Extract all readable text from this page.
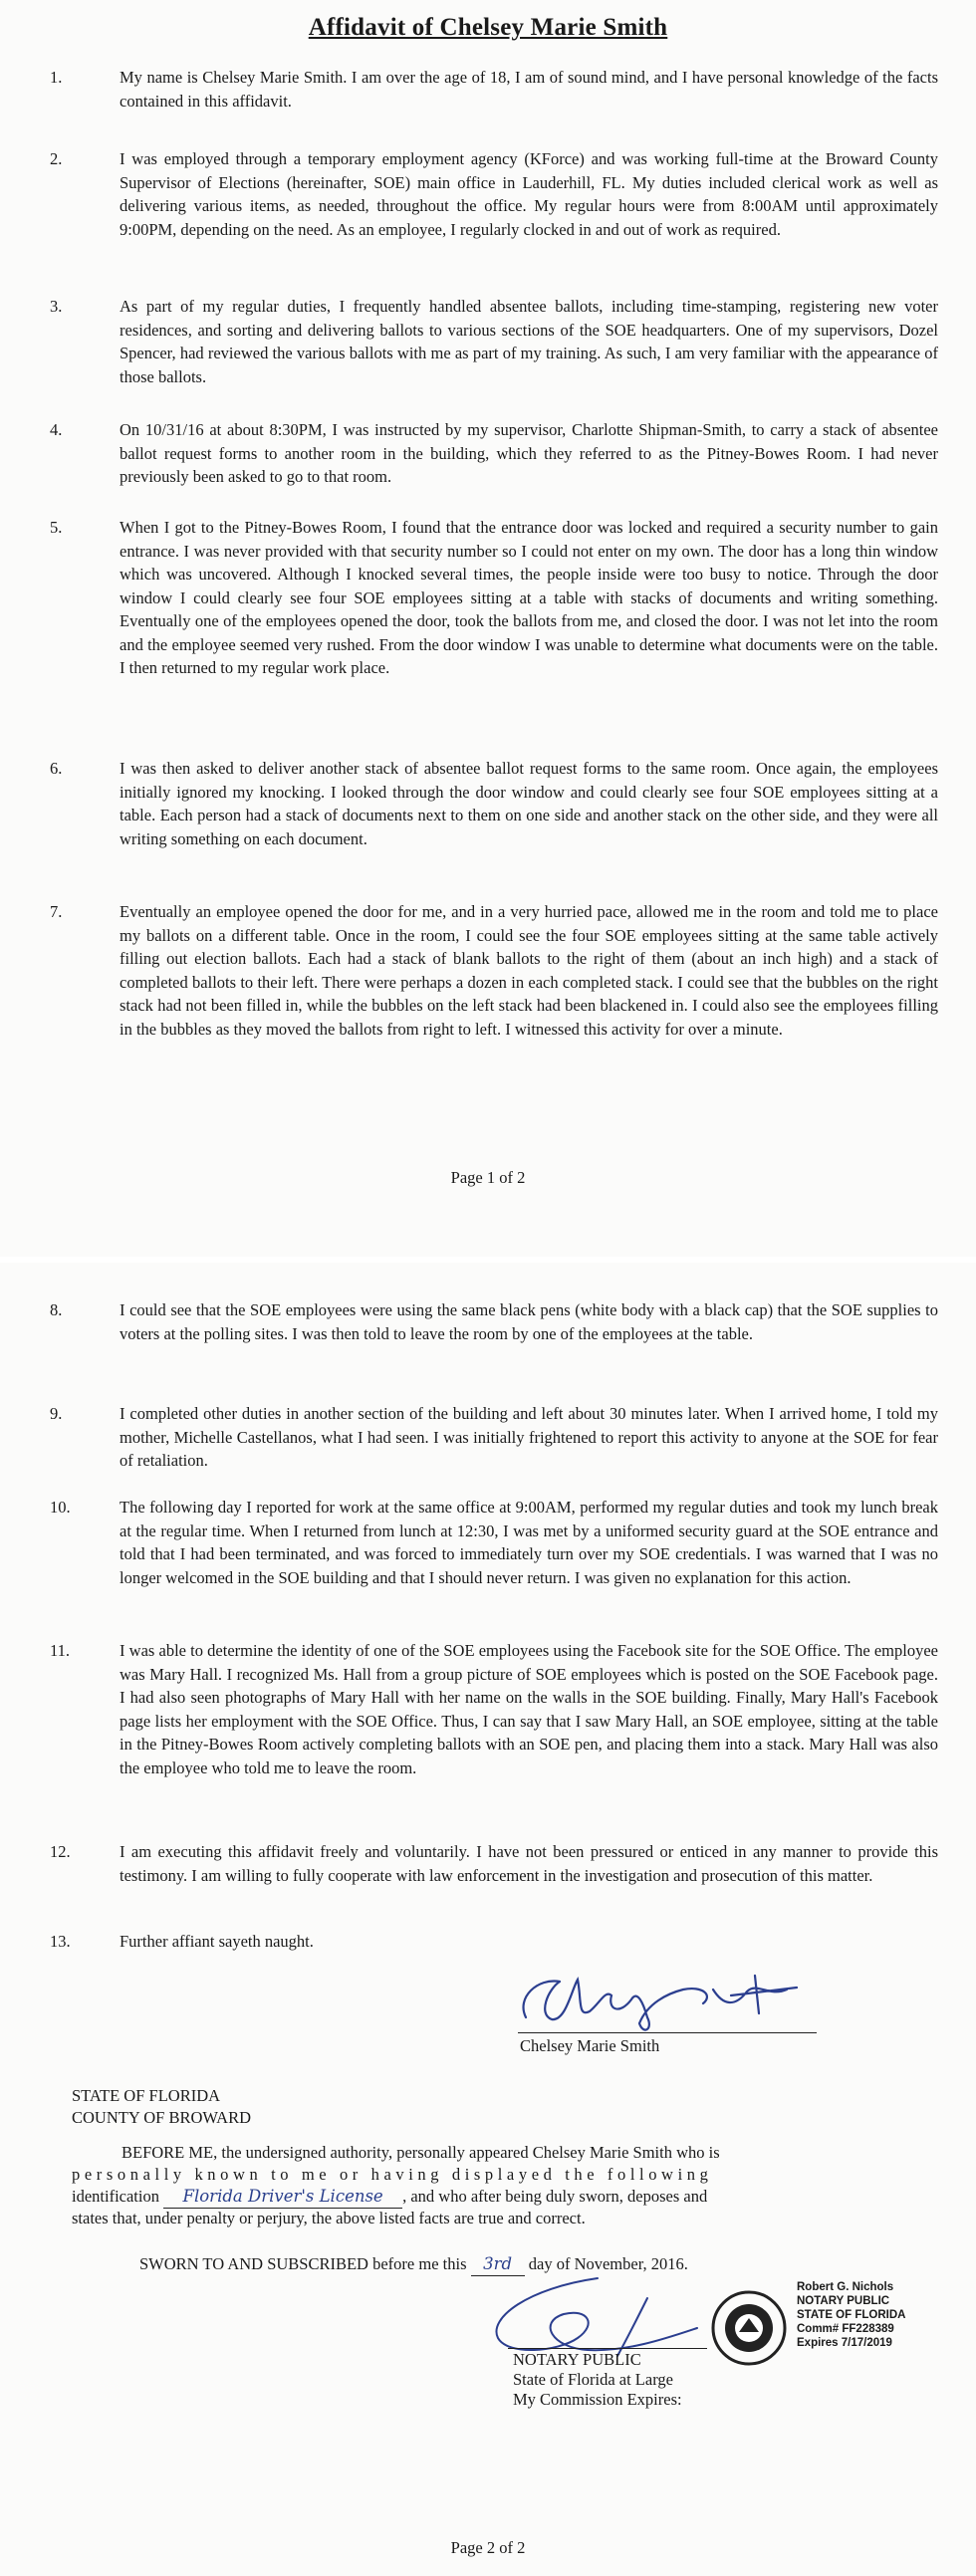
Affidavit of Chelsey Marie Smith
1.	My name is Chelsey Marie Smith. I am over the age of 18, I am of sound mind, and I have personal knowledge of the facts contained in this affidavit.
2.	I was employed through a temporary employment agency (KForce) and was working full-time at the Broward County Supervisor of Elections (hereinafter, SOE) main office in Lauderhill, FL. My duties included clerical work as well as delivering various items, as needed, throughout the office. My regular hours were from 8:00AM until approximately 9:00PM, depending on the need. As an employee, I regularly clocked in and out of work as required.
3.	As part of my regular duties, I frequently handled absentee ballots, including time-stamping, registering new voter residences, and sorting and delivering ballots to various sections of the SOE headquarters. One of my supervisors, Dozel Spencer, had reviewed the various ballots with me as part of my training. As such, I am very familiar with the appearance of those ballots.
4.	On 10/31/16 at about 8:30PM, I was instructed by my supervisor, Charlotte Shipman-Smith, to carry a stack of absentee ballot request forms to another room in the building, which they referred to as the Pitney-Bowes Room. I had never previously been asked to go to that room.
5.	When I got to the Pitney-Bowes Room, I found that the entrance door was locked and required a security number to gain entrance. I was never provided with that security number so I could not enter on my own. The door has a long thin window which was uncovered. Although I knocked several times, the people inside were too busy to notice. Through the door window I could clearly see four SOE employees sitting at a table with stacks of documents and writing something. Eventually one of the employees opened the door, took the ballots from me, and closed the door. I was not let into the room and the employee seemed very rushed. From the door window I was unable to determine what documents were on the table. I then returned to my regular work place.
6.	I was then asked to deliver another stack of absentee ballot request forms to the same room. Once again, the employees initially ignored my knocking. I looked through the door window and could clearly see four SOE employees sitting at a table. Each person had a stack of documents next to them on one side and another stack on the other side, and they were all writing something on each document.
7.	Eventually an employee opened the door for me, and in a very hurried pace, allowed me in the room and told me to place my ballots on a different table. Once in the room, I could see the four SOE employees sitting at the same table actively filling out election ballots. Each had a stack of blank ballots to the right of them (about an inch high) and a stack of completed ballots to their left. There were perhaps a dozen in each completed stack. I could see that the bubbles on the right stack had not been filled in, while the bubbles on the left stack had been blackened in. I could also see the employees filling in the bubbles as they moved the ballots from right to left. I witnessed this activity for over a minute.
Page 1 of 2
8.	I could see that the SOE employees were using the same black pens (white body with a black cap) that the SOE supplies to voters at the polling sites. I was then told to leave the room by one of the employees at the table.
9.	I completed other duties in another section of the building and left about 30 minutes later. When I arrived home, I told my mother, Michelle Castellanos, what I had seen. I was initially frightened to report this activity to anyone at the SOE for fear of retaliation.
10.	The following day I reported for work at the same office at 9:00AM, performed my regular duties and took my lunch break at the regular time. When I returned from lunch at 12:30, I was met by a uniformed security guard at the SOE entrance and told that I had been terminated, and was forced to immediately turn over my SOE credentials. I was warned that I was no longer welcomed in the SOE building and that I should never return. I was given no explanation for this action.
11.	I was able to determine the identity of one of the SOE employees using the Facebook site for the SOE Office. The employee was Mary Hall. I recognized Ms. Hall from a group picture of SOE employees which is posted on the SOE Facebook page. I had also seen photographs of Mary Hall with her name on the walls in the SOE building. Finally, Mary Hall's Facebook page lists her employment with the SOE Office. Thus, I can say that I saw Mary Hall, an SOE employee, sitting at the table in the Pitney-Bowes Room actively completing ballots with an SOE pen, and placing them into a stack. Mary Hall was also the employee who told me to leave the room.
12.	I am executing this affidavit freely and voluntarily. I have not been pressured or enticed in any manner to provide this testimony. I am willing to fully cooperate with law enforcement in the investigation and prosecution of this matter.
13.	Further affiant sayeth naught.
Chelsey Marie Smith
STATE OF FLORIDA
COUNTY OF BROWARD
BEFORE ME, the undersigned authority, personally appeared Chelsey Marie Smith who is
personally known to me or having displayed the following
identification Florida Driver's License , and who after being duly sworn, deposes and
states that, under penalty or perjury, the above listed facts are true and correct.
SWORN TO AND SUBSCRIBED before me this 3rd day of November, 2016.
NOTARY PUBLIC
State of Florida at Large
My Commission Expires:
Robert G. Nichols
NOTARY PUBLIC
STATE OF FLORIDA
Comm# FF228389
Expires 7/17/2019
Page 2 of 2
